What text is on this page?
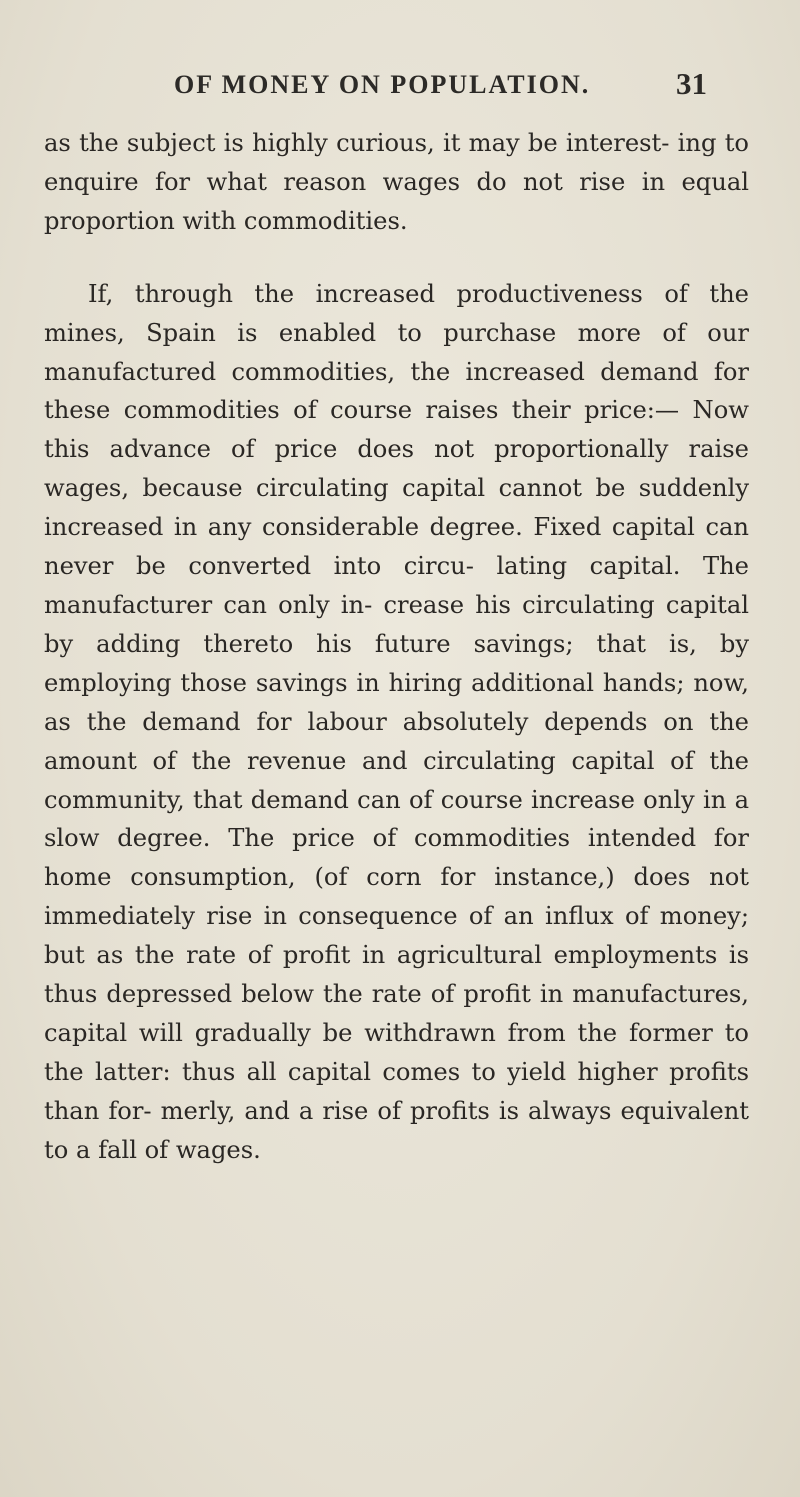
OF MONEY ON POPULATION.	31

as the subject is highly curious, it may be interest- ing to enquire for what reason wages do not rise in equal proportion with commodities.

If, through the increased productiveness of the mines, Spain is enabled to purchase more of our manufactured commodities, the increased demand for these commodities of course raises their price:— Now this advance of price does not proportionally raise wages, because circulating capital cannot be suddenly increased in any considerable degree. Fixed capital can never be converted into circu- lating capital. The manufacturer can only in- crease his circulating capital by adding thereto his future savings; that is, by employing those savings in hiring additional hands; now, as the demand for labour absolutely depends on the amount of the revenue and circulating capital of the community, that demand can of course increase only in a slow degree. The price of commodities intended for home consumption, (of corn for instance,) does not immediately rise in consequence of an influx of money; but as the rate of profit in agricultural employments is thus depressed below the rate of profit in manufactures, capital will gradually be withdrawn from the former to the latter: thus all capital comes to yield higher profits than for- merly, and a rise of profits is always equivalent to a fall of wages.
